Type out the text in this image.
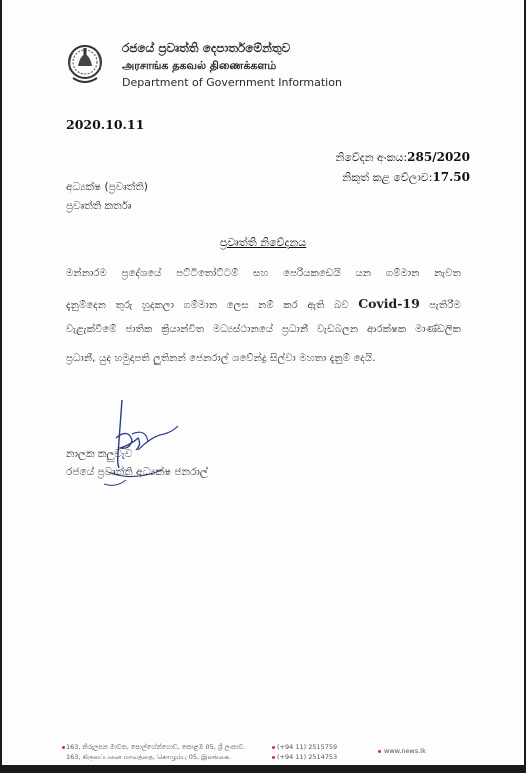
රජයේ ප්‍රවෘත්ති දෙපාර්තමේන්තුව
அரசாங்க தகவல் திணைக்களம்
Department of Government Information
2020.10.11
නිවේදන අංකය:285/2020
නිකුත් කළ වේලාව:17.50
අධ්‍යක්ෂ (ප්‍රවෘත්ති)
ප්‍රවෘත්ති කර්තෘ
ප්‍රවෘත්ති නිවේදනය
මන්නාරම ප්‍රදේශයේ පට්ටිතෝට්ටම් සහ පෙරියකඩෙයි යන ගම්මාන නැවත
දැනුම්දෙන තුරු හුදකලා ගම්මාන ලෙස නම් කර ඇති බව Covid-19 පැතිරීම
වැළැක්වීමේ ජාතික ක්‍රියාන්විත මධ්‍යස්ථානයේ ප්‍රධානී වැඩබලන ආරක්ෂක මාණ්ඩලික
ප්‍රධානී, යුද හමුදාපති ලුතිනන් ජෙනරාල් ශවේන්ද්‍ර සිල්වා මහතා දැනුම් දෙයි.
නාලක කලුවැව
රජයේ ප්‍රවෘත්ති අධ්‍යක්ෂ ජනරාල්
163, කිරුලපන මාවත, පොල්හේන්ගොඩ, කොළඹ 05, ශ්‍රී ලංකාව.
163, கிருலப்பனை மாவத்தை, கொழும்பு 05, இலங்கை.
(+94 11) 2515759
(+94 11) 2514753
www.news.lk
